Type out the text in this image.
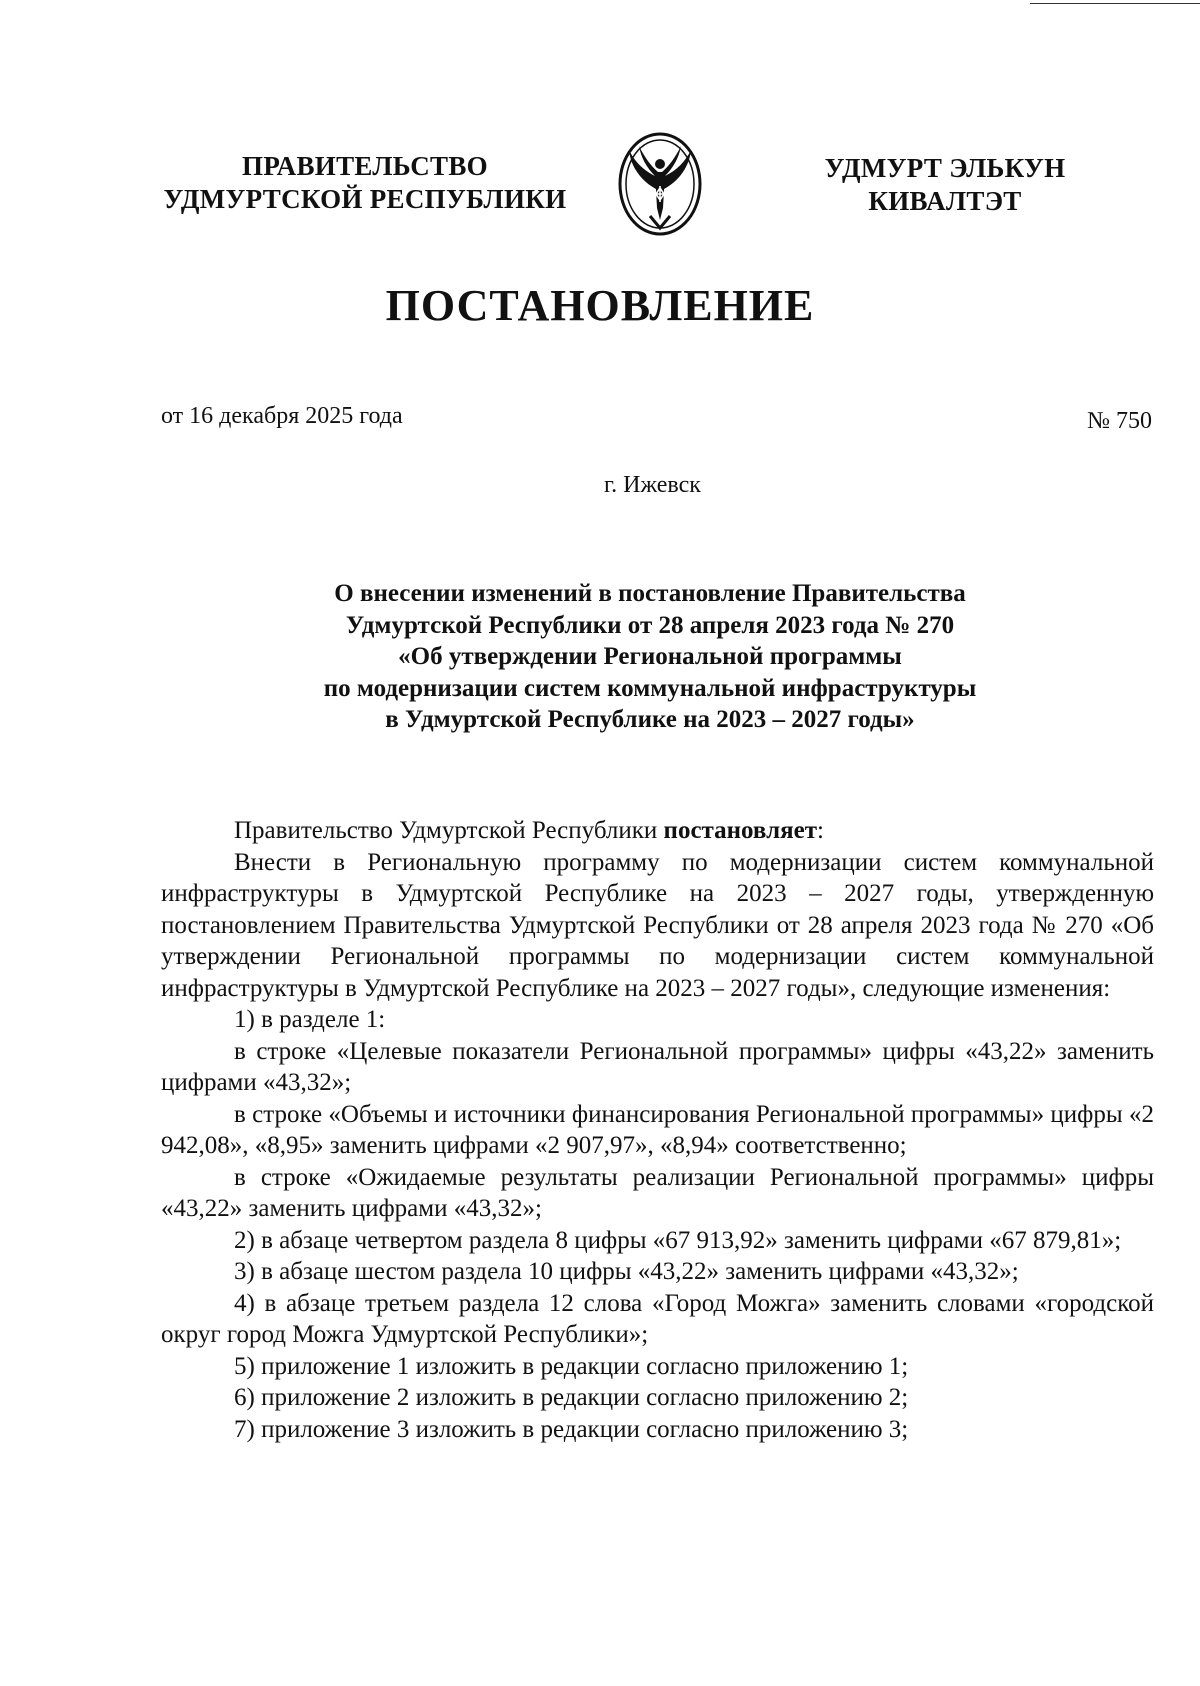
ПРАВИТЕЛЬСТВО
УДМУРТСКОЙ РЕСПУБЛИКИ
УДМУРТ ЭЛЬКУН
КИВАЛТЭТ
ПОСТАНОВЛЕНИЕ
от 16 декабря 2025 года	№ 750
г. Ижевск
О внесении изменений в постановление Правительства
Удмуртской Республики от 28 апреля 2023 года № 270
«Об утверждении Региональной программы
по модернизации систем коммунальной инфраструктуры
в Удмуртской Республике на 2023 – 2027 годы»

Правительство Удмуртской Республики постановляет:

Внести в Региональную программу по модернизации систем коммунальной инфраструктуры в Удмуртской Республике на 2023 – 2027 годы, утвержденную постановлением Правительства Удмуртской Республики от 28 апреля 2023 года № 270 «Об утверждении Региональной программы по модернизации систем коммунальной инфраструктуры в Удмуртской Республике на 2023 – 2027 годы», следующие изменения:

1) в разделе 1:

в строке «Целевые показатели Региональной программы» цифры «43,22» заменить цифрами «43,32»;

в строке «Объемы и источники финансирования Региональной программы» цифры «2 942,08», «8,95» заменить цифрами «2 907,97», «8,94» соответственно;

в строке «Ожидаемые результаты реализации Региональной программы» цифры «43,22» заменить цифрами «43,32»;

2) в абзаце четвертом раздела 8 цифры «67 913,92» заменить цифрами «67 879,81»;

3) в абзаце шестом раздела 10 цифры «43,22» заменить цифрами «43,32»;

4) в абзаце третьем раздела 12 слова «Город Можга» заменить словами «городской округ город Можга Удмуртской Республики»;

5) приложение 1 изложить в редакции согласно приложению 1;

6) приложение 2 изложить в редакции согласно приложению 2;

7) приложение 3 изложить в редакции согласно приложению 3;
